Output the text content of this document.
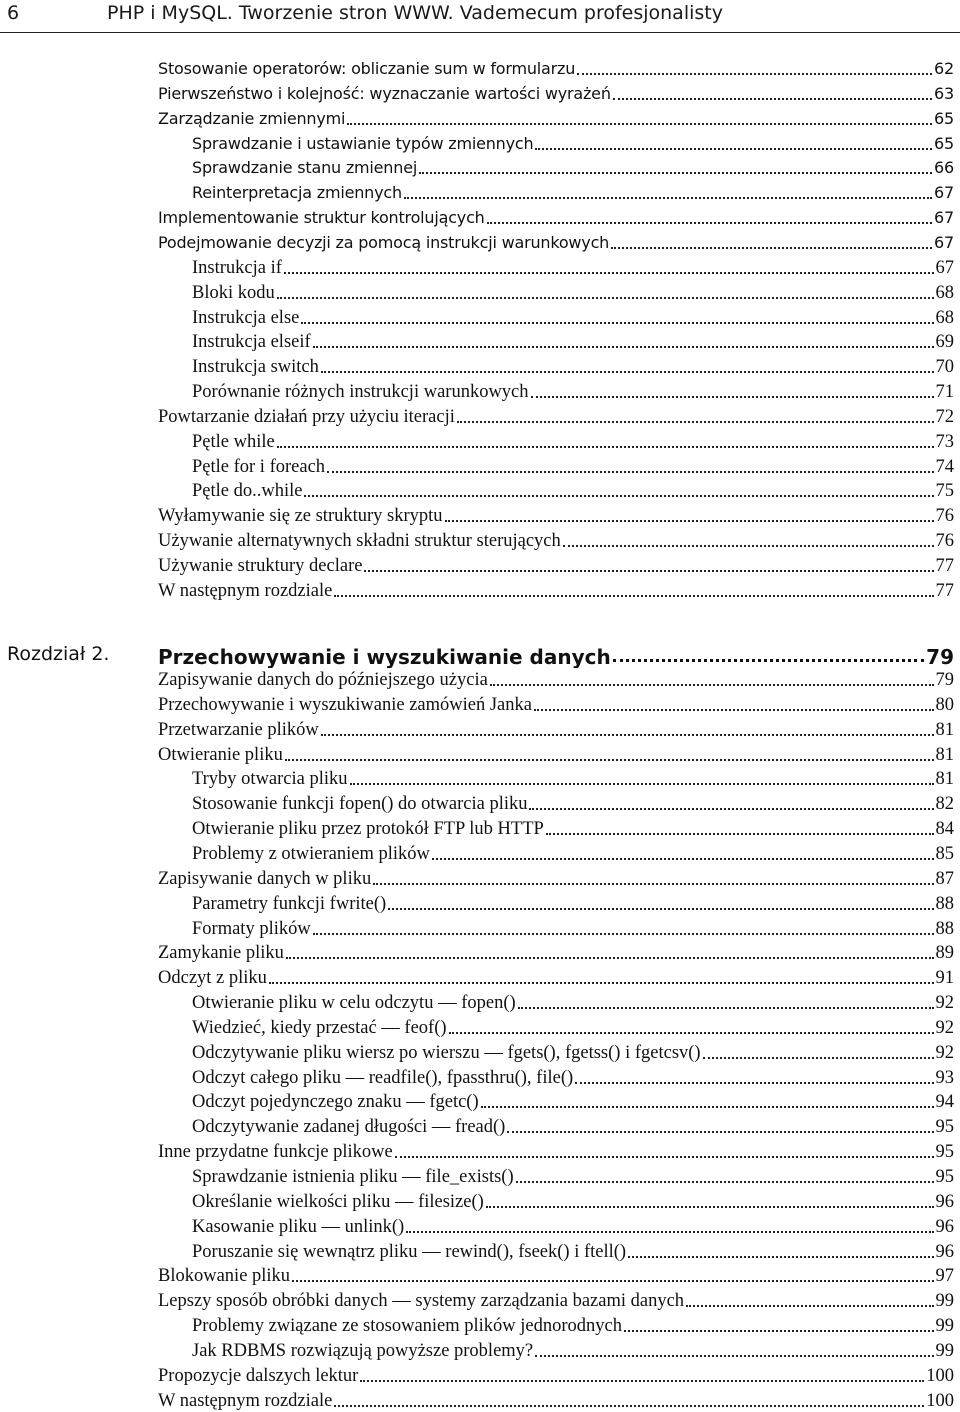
6	PHP i MySQL. Tworzenie stron WWW. Vademecum profesjonalisty
Stosowanie operatorów: obliczanie sum w formularzu	62
Pierwszeństwo i kolejność: wyznaczanie wartości wyrażeń	63
Zarządzanie zmiennymi	65
Sprawdzanie i ustawianie typów zmiennych	65
Sprawdzanie stanu zmiennej	66
Reinterpretacja zmiennych	67
Implementowanie struktur kontrolujących	67
Podejmowanie decyzji za pomocą instrukcji warunkowych	67
Instrukcja if	67
Bloki kodu	68
Instrukcja else	68
Instrukcja elseif	69
Instrukcja switch	70
Porównanie różnych instrukcji warunkowych	71
Powtarzanie działań przy użyciu iteracji	72
Pętle while	73
Pętle for i foreach	74
Pętle do..while	75
Wyłamywanie się ze struktury skryptu	76
Używanie alternatywnych składni struktur sterujących	76
Używanie struktury declare	77
W następnym rozdziale	77
Rozdział 2. Przechowywanie i wyszukiwanie danych	79
Zapisywanie danych do późniejszego użycia	79
Przechowywanie i wyszukiwanie zamówień Janka	80
Przetwarzanie plików	81
Otwieranie pliku	81
Tryby otwarcia pliku	81
Stosowanie funkcji fopen() do otwarcia pliku	82
Otwieranie pliku przez protokół FTP lub HTTP	84
Problemy z otwieraniem plików	85
Zapisywanie danych w pliku	87
Parametry funkcji fwrite()	88
Formaty plików	88
Zamykanie pliku	89
Odczyt z pliku	91
Otwieranie pliku w celu odczytu — fopen()	92
Wiedzieć, kiedy przestać — feof()	92
Odczytywanie pliku wiersz po wierszu — fgets(), fgetss() i fgetcsv()	92
Odczyt całego pliku — readfile(), fpassthru(), file()	93
Odczyt pojedynczego znaku — fgetc()	94
Odczytywanie zadanej długości — fread()	95
Inne przydatne funkcje plikowe	95
Sprawdzanie istnienia pliku — file_exists()	95
Określanie wielkości pliku — filesize()	96
Kasowanie pliku — unlink()	96
Poruszanie się wewnątrz pliku — rewind(), fseek() i ftell()	96
Blokowanie pliku	97
Lepszy sposób obróbki danych — systemy zarządzania bazami danych	99
Problemy związane ze stosowaniem plików jednorodnych	99
Jak RDBMS rozwiązują powyższe problemy?	99
Propozycje dalszych lektur	100
W następnym rozdziale	100
